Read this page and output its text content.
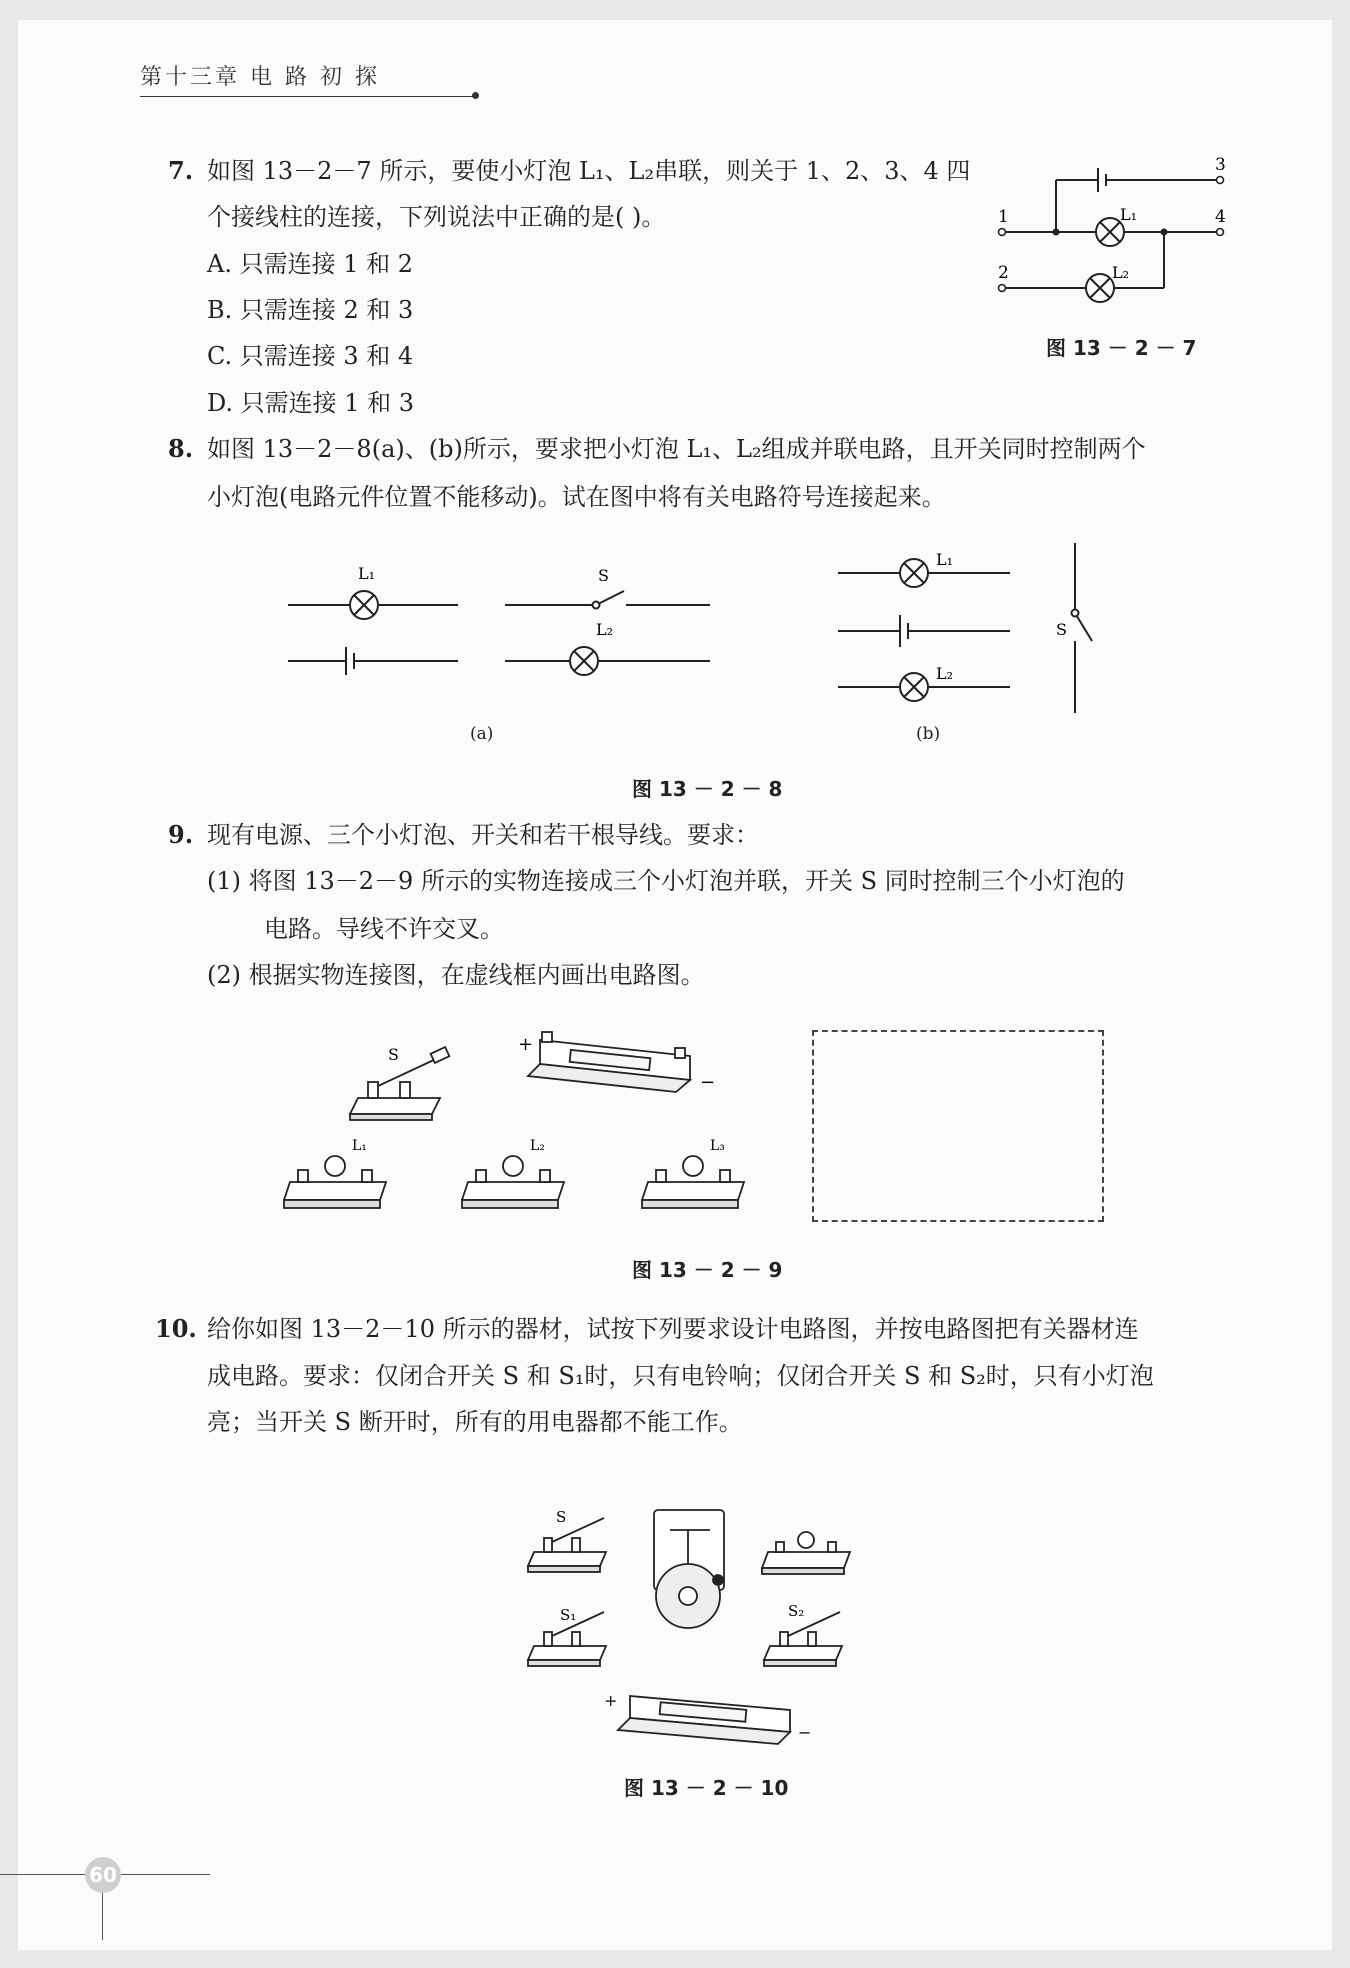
第十三章 电 路 初 探
7. 如图 13－2－7 所示，要使小灯泡 L₁、L₂串联，则关于 1、2、3、4 四
个接线柱的连接，下列说法中正确的是( )。
A. 只需连接 1 和 2
B. 只需连接 2 和 3
C. 只需连接 3 和 4
D. 只需连接 1 和 3
1
2
3
4
L₁
L₂
图 13 － 2 － 7
8. 如图 13－2－8(a)、(b)所示，要求把小灯泡 L₁、L₂组成并联电路，且开关同时控制两个
小灯泡(电路元件位置不能移动)。试在图中将有关电路符号连接起来。
L₁	S
L₂
(a)
L₁
L₂
S
(b)
图 13 － 2 － 8
9. 现有电源、三个小灯泡、开关和若干根导线。要求：
(1) 将图 13－2－9 所示的实物连接成三个小灯泡并联，开关 S 同时控制三个小灯泡的
电路。导线不许交叉。
(2) 根据实物连接图，在虚线框内画出电路图。
S	+
−
L₁	L₂	L₃
图 13 － 2 － 9
10. 给你如图 13－2－10 所示的器材，试按下列要求设计电路图，并按电路图把有关器材连
成电路。要求：仅闭合开关 S 和 S₁时，只有电铃响；仅闭合开关 S 和 S₂时，只有小灯泡
亮；当开关 S 断开时，所有的用电器都不能工作。
S
S₁	S₂
+
−
图 13 － 2 － 10
60
